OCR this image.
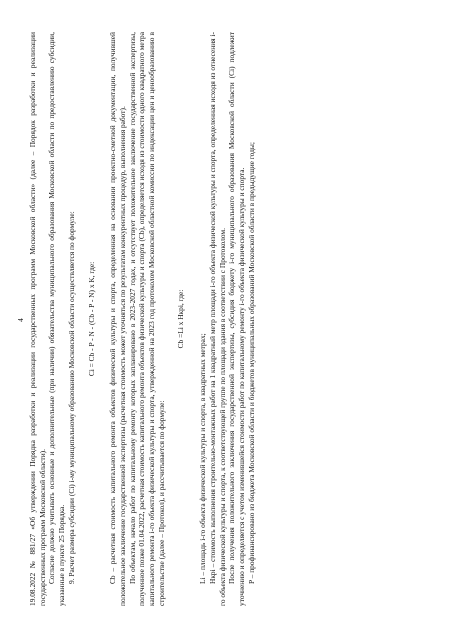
4 19.08.2022 № 881/27 «Об утверждении Порядка разработки и реализации государственных программ Московской области» (далее – Порядок разработки и реализации государственных программ Московской области). Согласие должно учитывать основные и дополнительные (при наличии) обязательства муниципального образования Московской области по предоставлению субсидии, указанные в пункте 25 Порядка. 9. Расчет размера субсидии (Ci) i-му муниципальному образованию Московской области осуществляется по формуле: Ci = Cb - P - N - (Cb - P - N) x K, где: Cb – расчетная стоимость капитального ремонта объектов физической культуры и спорта, определенная на основании проектно-сметной документации, получившей положительное заключение государственной экспертизы (расчетная стоимость может уточняться по результатам конкурентных процедур, выполнения работ). По объектам, начало работ по капитальному ремонту которых запланировано в 2023-2027 годах, и отсутствует положительное заключение государственной экспертизы, полученное позже 01.04.2022, расчетная стоимость капитального ремонта объектов физической культуры и спорта (Cb), определяется исходя из стоимости одного квадратного метра капитального ремонта i-го объекта физической культуры и спорта, утвержденной на 2023 год протоколом Московской областной комиссии по индексации цен и ценообразованию в строительстве (далее – Протокол), и рассчитывается по формуле:

Cb =Li x Hкрi, где:

Li – площадь i-го объекта физической культуры и спорта, в квадратных метрах; Hкрi – стоимость выполнения строительно-монтажных работ на 1 квадратный метр площади i-го объекта физической культуры и спорта, определенная исходя из отнесения i-го объекта физической культуры и спорта, к соответствующей группе по площади здания в соответствии с Протоколом. После получения положительного заключения государственной экспертизы, субсидия бюджету i-го муниципального образования Московской области (Ci) подлежит уточнению и определяется с учетом изменившейся стоимости работ по капитальному ремонту i-го объекта физической культуры и спорта. P – профинансировано из бюджета Московской области и бюджетов муниципальных образований Московской области в предыдущие годы;
